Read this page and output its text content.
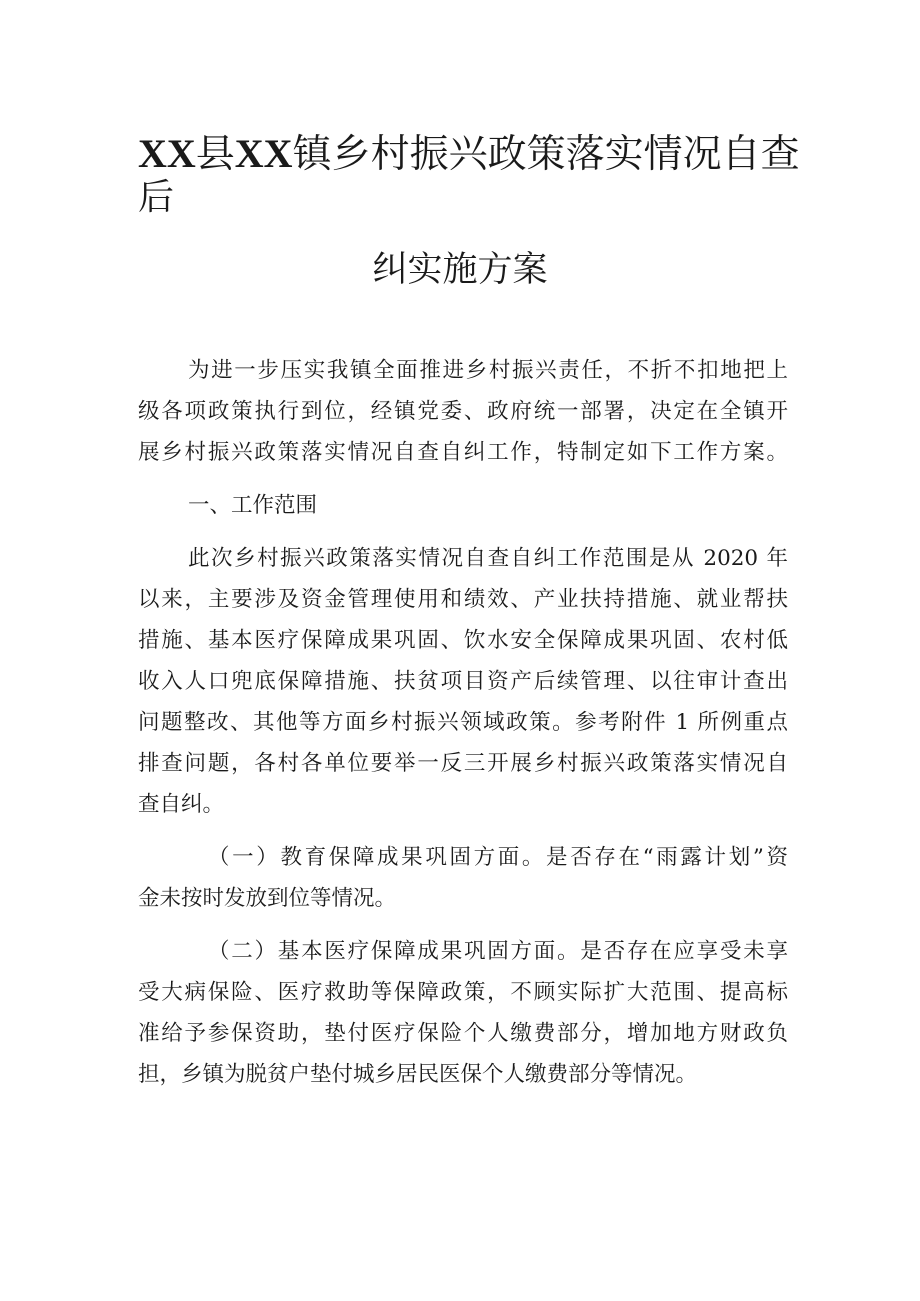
XX县XX镇乡村振兴政策落实情况自查
后
纠实施方案
为进一步压实我镇全面推进乡村振兴责任，不折不扣地把上
级各项政策执行到位，经镇党委、政府统一部署，决定在全镇开
展乡村振兴政策落实情况自查自纠工作，特制定如下工作方案。
一、工作范围
此次乡村振兴政策落实情况自查自纠工作范围是从 2020 年
以来，主要涉及资金管理使用和绩效、产业扶持措施、就业帮扶
措施、基本医疗保障成果巩固、饮水安全保障成果巩固、农村低
收入人口兜底保障措施、扶贫项目资产后续管理、以往审计查出
问题整改、其他等方面乡村振兴领域政策。参考附件 1 所例重点
排查问题，各村各单位要举一反三开展乡村振兴政策落实情况自
查自纠。
（一）教育保障成果巩固方面。是否存在“雨露计划”资
金未按时发放到位等情况。
（二）基本医疗保障成果巩固方面。是否存在应享受未享
受大病保险、医疗救助等保障政策，不顾实际扩大范围、提高标
准给予参保资助，垫付医疗保险个人缴费部分，增加地方财政负
担，乡镇为脱贫户垫付城乡居民医保个人缴费部分等情况。
